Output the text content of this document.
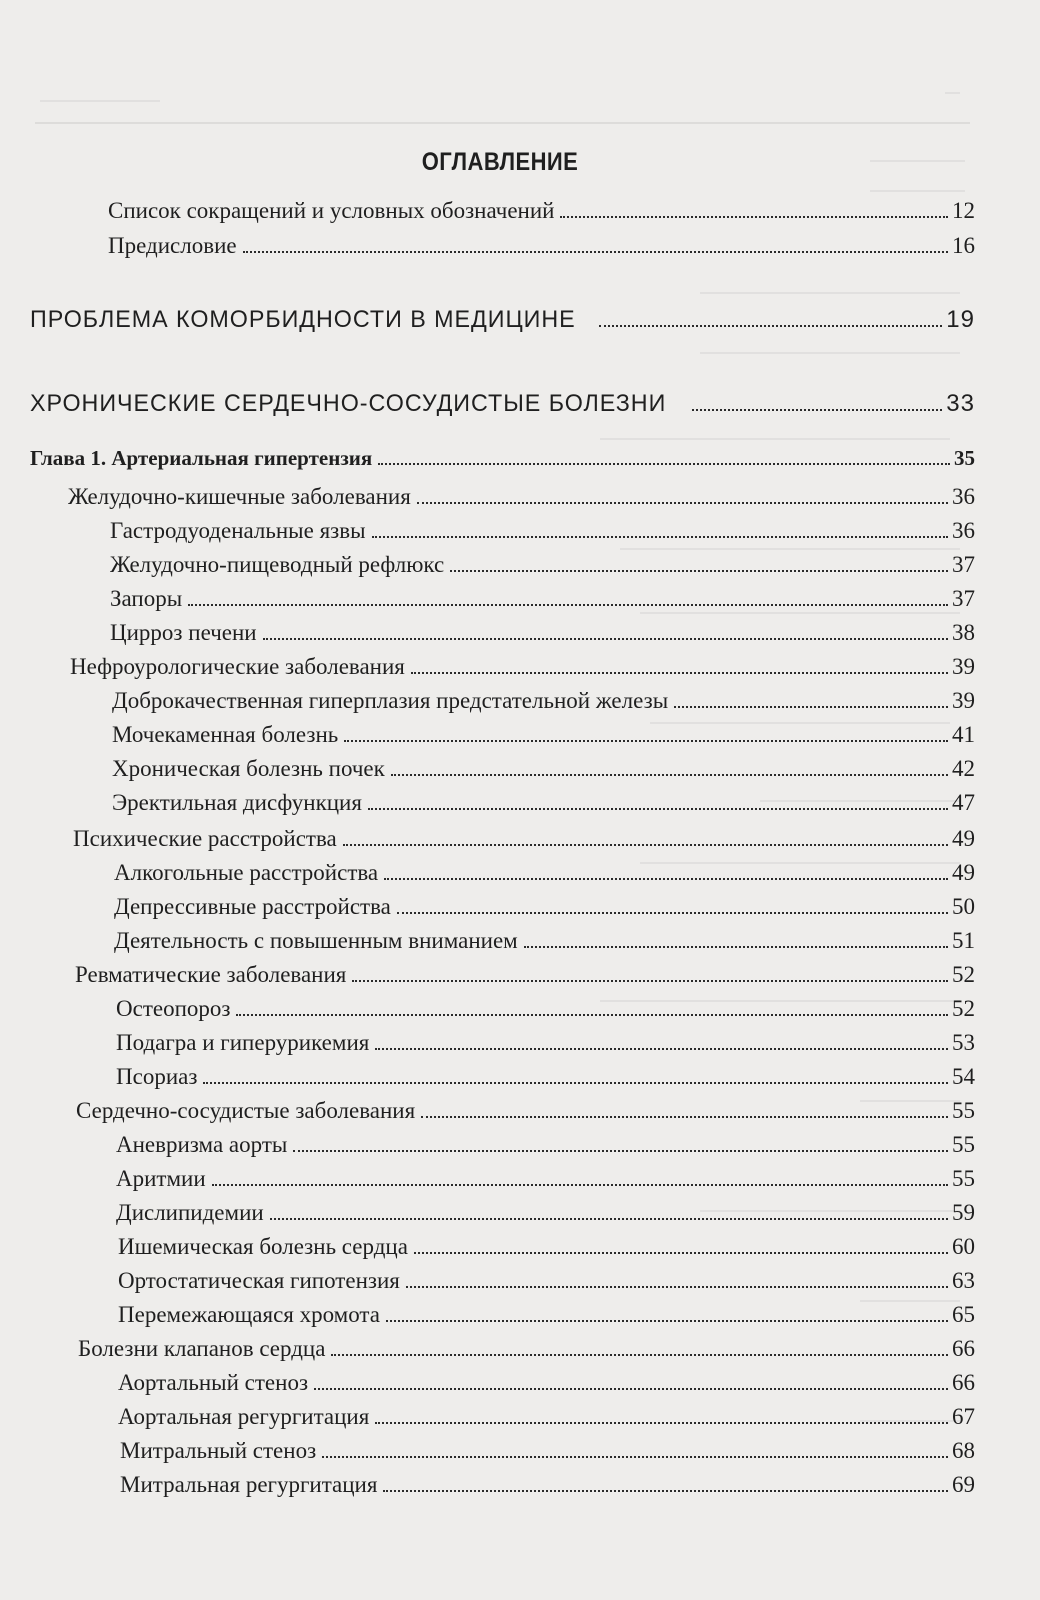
ОГЛАВЛЕНИЕ
Список сокращений и условных обозначений	12
Предисловие	16
ПРОБЛЕМА КОМОРБИДНОСТИ В МЕДИЦИНЕ	19
ХРОНИЧЕСКИЕ СЕРДЕЧНО-СОСУДИСТЫЕ БОЛЕЗНИ	33
Глава 1. Артериальная гипертензия	35
Желудочно-кишечные заболевания	36
Гастродуоденальные язвы	36
Желудочно-пищеводный рефлюкс	37
Запоры	37
Цирроз печени	38
Нефроурологические заболевания	39
Доброкачественная гиперплазия предстательной железы	39
Мочекаменная болезнь	41
Хроническая болезнь почек	42
Эректильная дисфункция	47
Психические расстройства	49
Алкогольные расстройства	49
Депрессивные расстройства	50
Деятельность с повышенным вниманием	51
Ревматические заболевания	52
Остеопороз	52
Подагра и гиперурикемия	53
Псориаз	54
Сердечно-сосудистые заболевания	55
Аневризма аорты	55
Аритмии	55
Дислипидемии	59
Ишемическая болезнь сердца	60
Ортостатическая гипотензия	63
Перемежающаяся хромота	65
Болезни клапанов сердца	66
Аортальный стеноз	66
Аортальная регургитация	67
Митральный стеноз	68
Митральная регургитация	69
